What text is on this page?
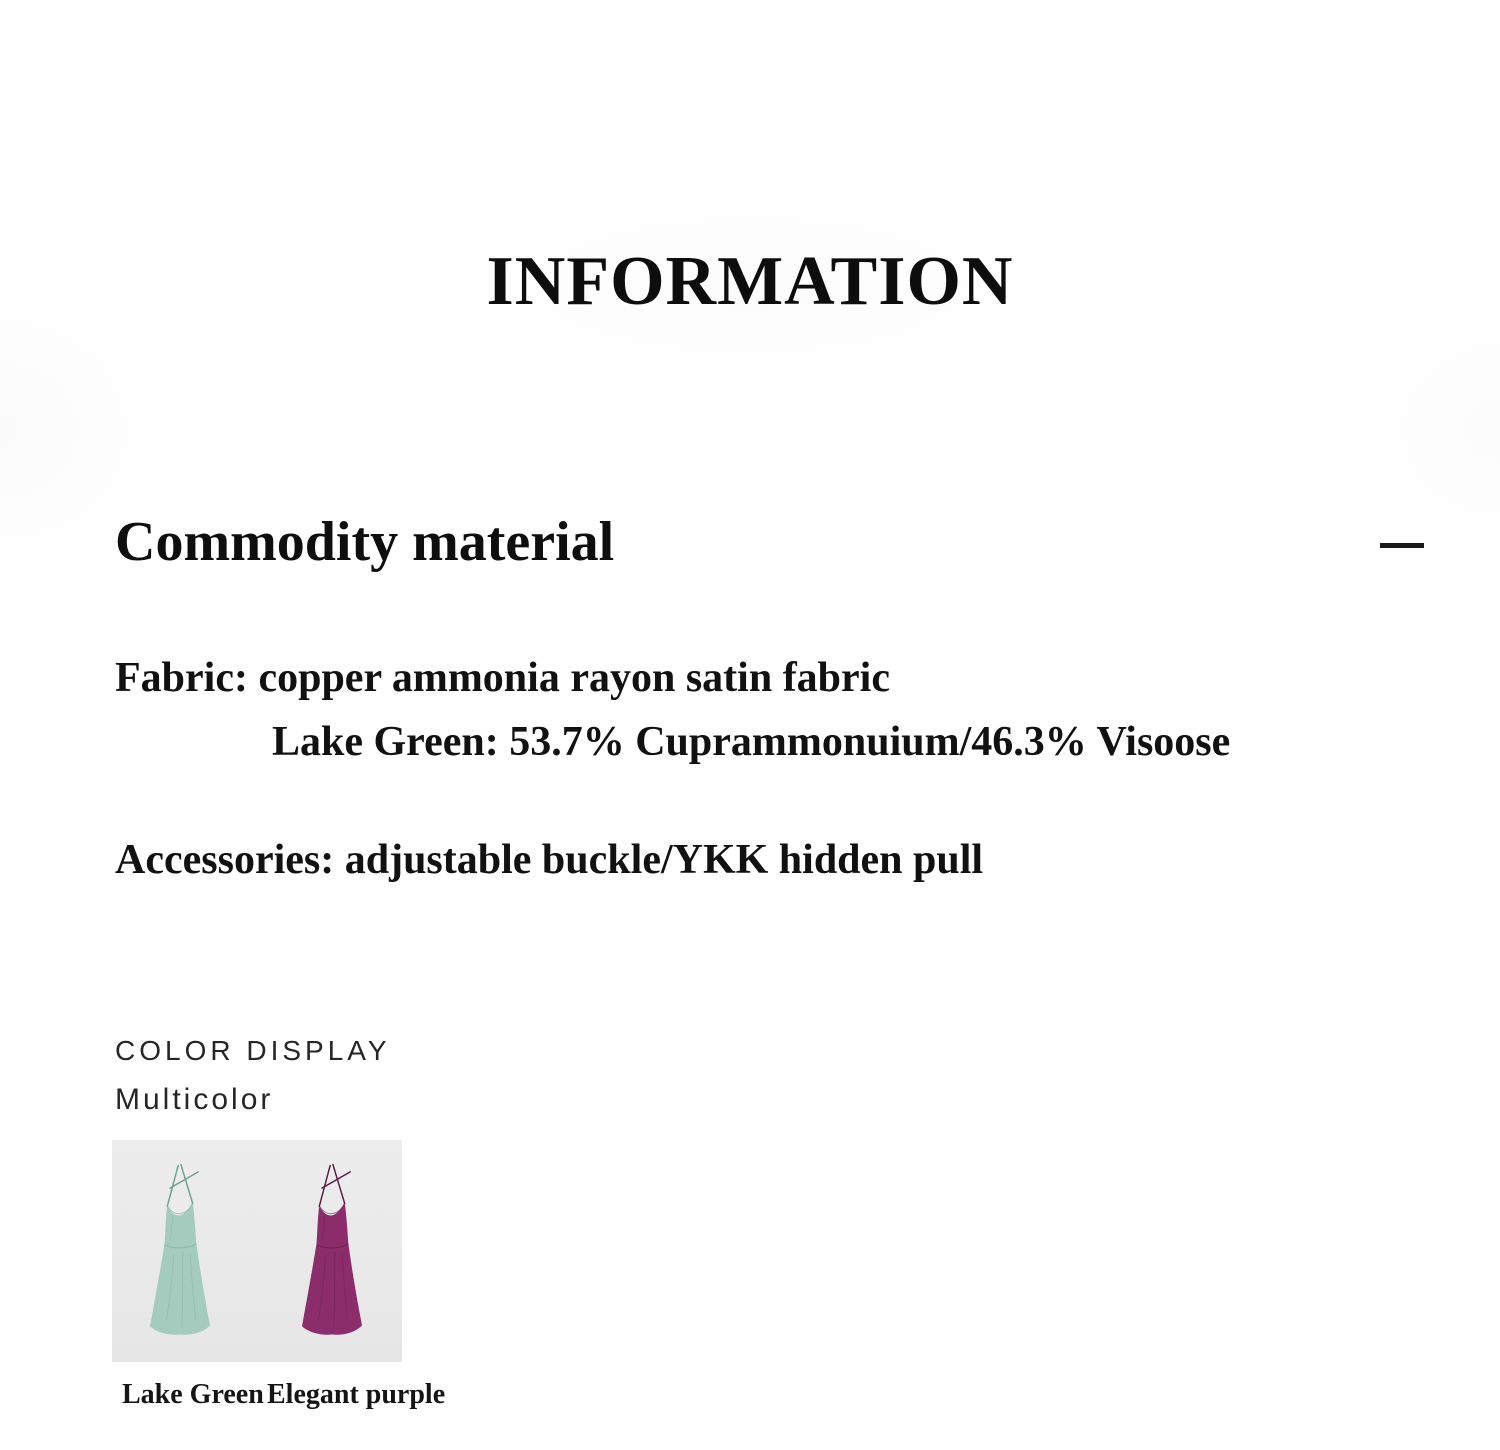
INFORMATION
Commodity material

Fabric: copper ammonia rayon satin fabric

Lake Green: 53.7% Cuprammonuium/46.3% Visoose

Accessories: adjustable buckle/YKK hidden pull

COLOR DISPLAY
Multicolor
Lake Green Elegant purple
